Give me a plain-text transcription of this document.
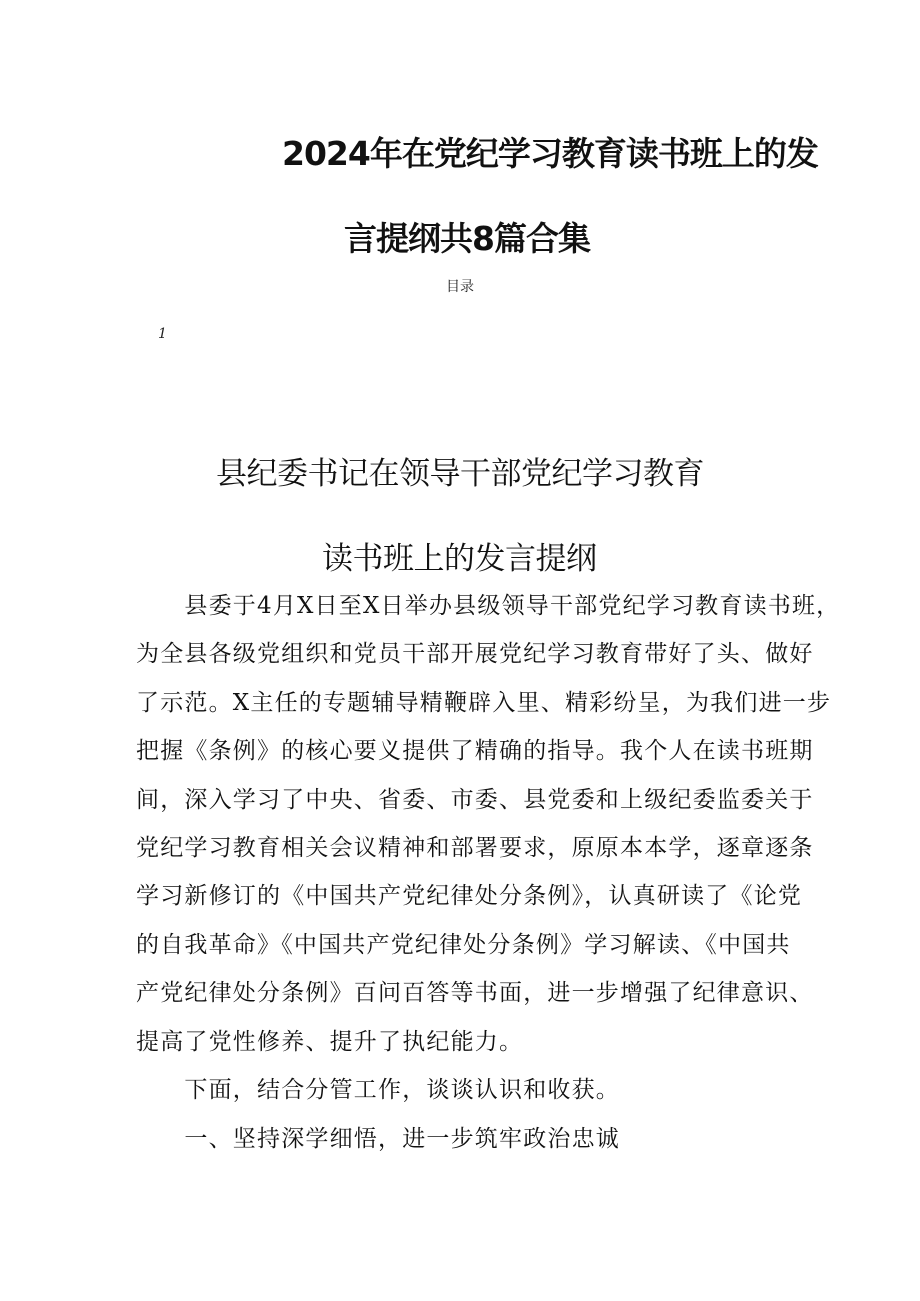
2024年在党纪学习教育读书班上的发
言提纲共8篇合集
目录
1
县纪委书记在领导干部党纪学习教育
读书班上的发言提纲
　　县委于4月X日至X日举办县级领导干部党纪学习教育读书班，
为全县各级党组织和党员干部开展党纪学习教育带好了头、做好
了示范。X主任的专题辅导精鞭辟入里、精彩纷呈，为我们进一步
把握《条例》的核心要义提供了精确的指导。我个人在读书班期
间，深入学习了中央、省委、市委、县党委和上级纪委监委关于
党纪学习教育相关会议精神和部署要求，原原本本学，逐章逐条
学习新修订的《中国共产党纪律处分条例》，认真研读了《论党
的自我革命》《中国共产党纪律处分条例》学习解读、《中国共
产党纪律处分条例》百问百答等书面，进一步增强了纪律意识、
提高了党性修养、提升了执纪能力。

　　下面，结合分管工作，谈谈认识和收获。

　　一、坚持深学细悟，进一步筑牢政治忠诚
